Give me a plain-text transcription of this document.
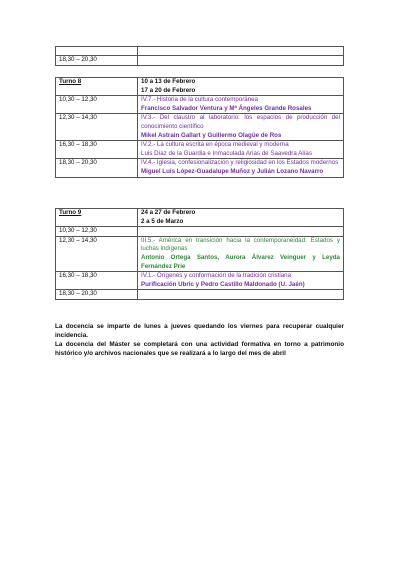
18,30 – 20,30	
Turno 8	10 a 13 de Febrero
17 a 20 de Febrero

10,30 – 12,30	IV.7.- Historia de la cultura contemporánea
Francisco Salvador Ventura y Mª Ángeles Grande Rosales

12,30 – 14,30	IV.3.- Del claustro al laboratorio: los espacios de producción del conocimiento científico
Mikel Astrain Gallart y Guillermo Olagüe de Ros

16,30 – 18,30	IV.2.- La cultura escrita en época medieval y moderna
Luis Díaz de la Guardia e Inmaculada Arias de Saavedra Alías

18,30 – 20,30	IV.4.- Iglesia, confesionalización y religiosidad en los Estados modernos
Miguel Luis López-Guadalupe Muñoz y Julián Lozano Navarro
Turno 9	24 a 27 de Febrero
2 a 5 de Marzo

10,30 – 12,30	

12,30 – 14,30	III.5.- América en transición hacia la contemporaneidad: Estados y luchas indígenas
Antonio Ortega Santos, Aurora Álvarez Veinguer y Leyda Fernández Prie

16,30 – 18,30	IV.1.- Orígenes y conformación de la tradición cristiana
Purificación Ubric y Pedro Castillo Maldonado (U. Jaén)

18,30 – 20,30	

La docencia se imparte de lunes a jueves quedando los viernes para recuperar cualquier incidencia.

La docencia del Máster se completará con una actividad formativa en torno a patrimonio histórico y/o archivos nacionales que se realizará a lo largo del mes de abril
